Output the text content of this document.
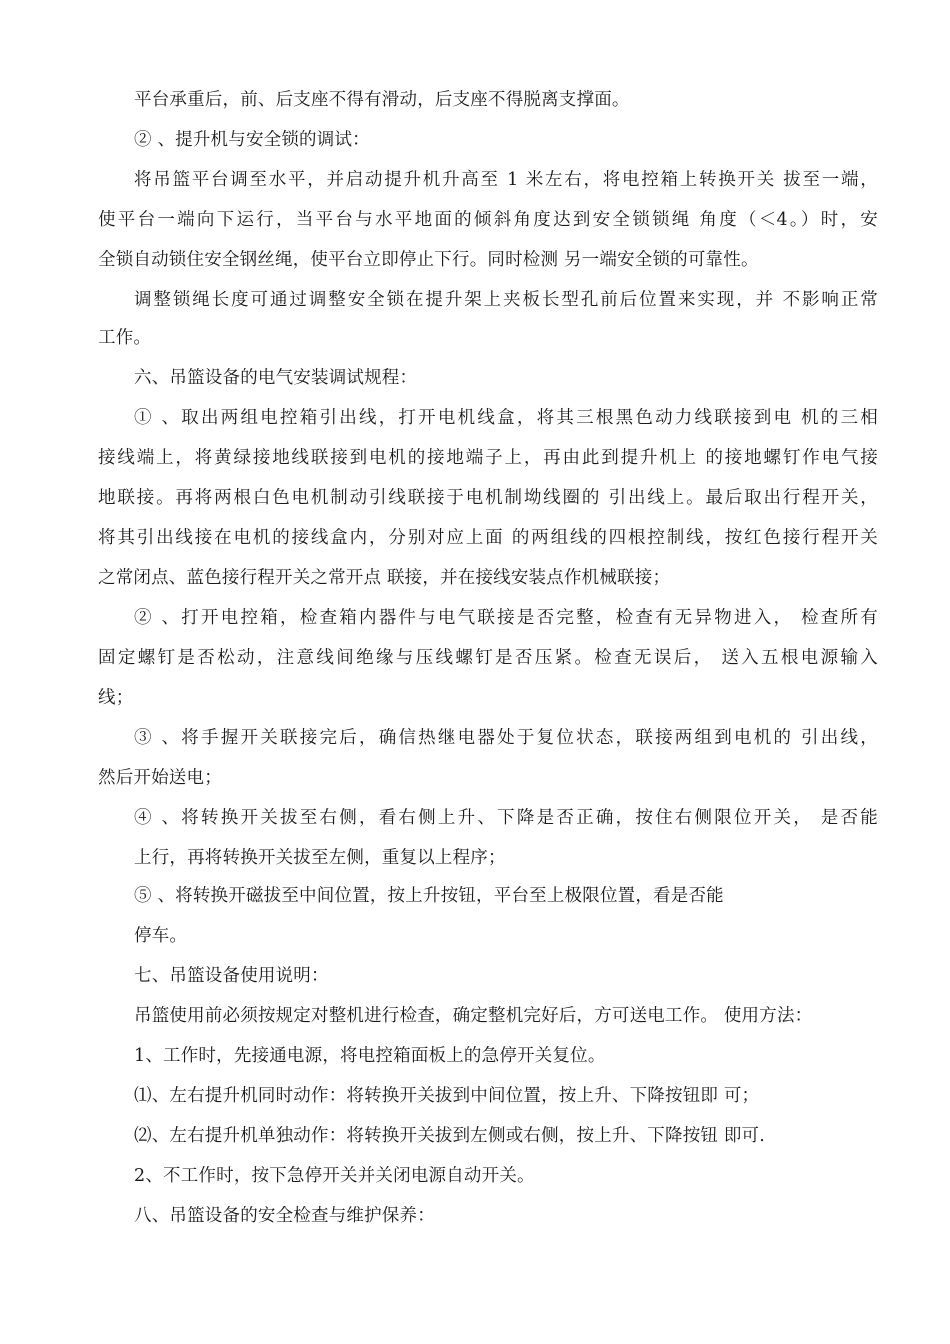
平台承重后，前、后支座不得有滑动，后支座不得脱离支撑面。
② 、提升机与安全锁的调试：
将吊篮平台调至水平，并启动提升机升高至 1 米左右，将电控箱上转换开关 拔至一端，
使平台一端向下运行，当平台与水平地面的倾斜角度达到安全锁锁绳 角度（＜4。）时，安
全锁自动锁住安全钢丝绳，使平台立即停止下行。同时检测 另一端安全锁的可靠性。
调整锁绳长度可通过调整安全锁在提升架上夹板长型孔前后位置来实现，并 不影响正常
工作。
六、吊篮设备的电气安装调试规程：
① 、取出两组电控箱引出线，打开电机线盒，将其三根黑色动力线联接到电 机的三相
接线端上，将黄绿接地线联接到电机的接地端子上，再由此到提升机上 的接地螺钉作电气接
地联接。再将两根白色电机制动引线联接于电机制坳线圈的 引出线上。最后取出行程开关，
将其引出线接在电机的接线盒内，分别对应上面 的两组线的四根控制线，按红色接行程开关
之常闭点、蓝色接行程开关之常开点 联接，并在接线安装点作机械联接；
② 、打开电控箱，检查箱内器件与电气联接是否完整，检查有无异物进入， 检查所有
固定螺钉是否松动，注意线间绝缘与压线螺钉是否压紧。检查无误后， 送入五根电源输入
线；
③ 、将手握开关联接完后，确信热继电器处于复位状态，联接两组到电机的 引出线，
然后开始送电；
④ 、将转换开关拔至右侧，看右侧上升、下降是否正确，按住右侧限位开关， 是否能
上行，再将转换开关拔至左侧，重复以上程序；
⑤ 、将转换开磁拔至中间位置，按上升按钮，平台至上极限位置，看是否能
停车。
七、吊篮设备使用说明：
吊篮使用前必须按规定对整机进行检查，确定整机完好后，方可送电工作。 使用方法：
1、工作时，先接通电源，将电控箱面板上的急停开关复位。
⑴、左右提升机同时动作：将转换开关拔到中间位置，按上升、下降按钮即 可；
⑵、左右提升机单独动作：将转换开关拔到左侧或右侧，按上升、下降按钮 即可.
2、不工作时，按下急停开关并关闭电源自动开关。
八、吊篮设备的安全检查与维护保养：
